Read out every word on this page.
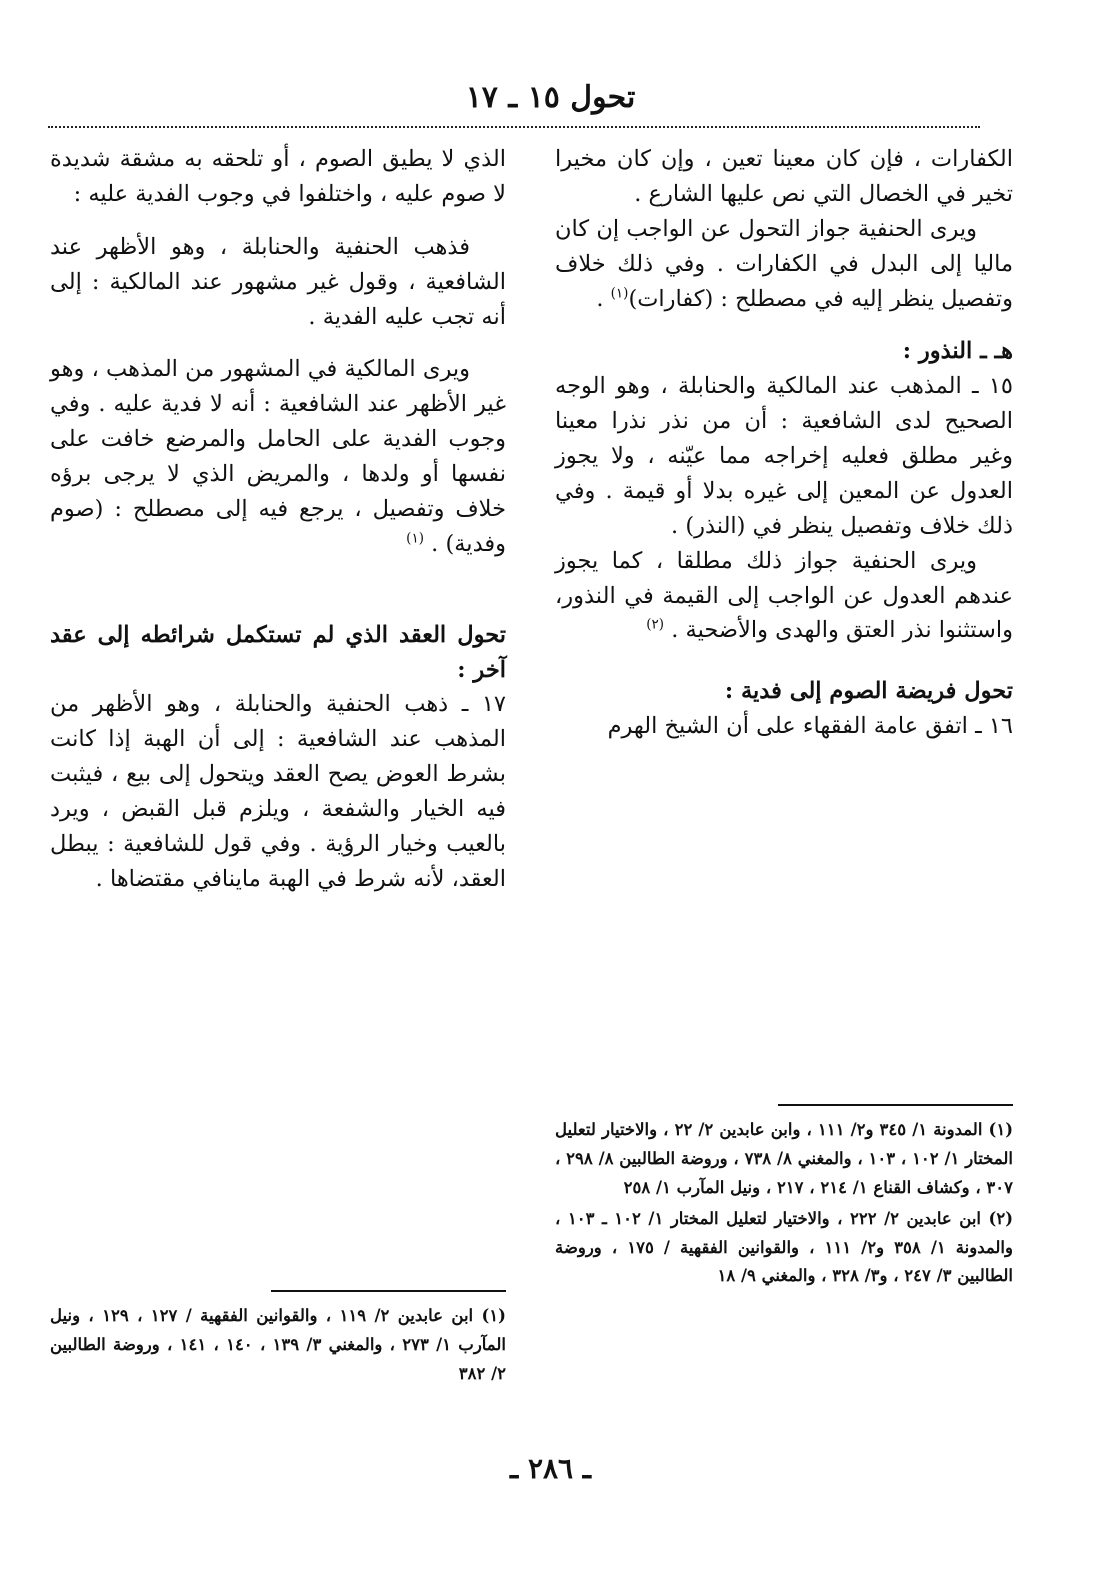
تحول ١٥ ـ ١٧

الكفارات ، فإن كان معينا تعين ، وإن كان مخيرا تخير في الخصال التي نص عليها الشارع .

ويرى الحنفية جواز التحول عن الواجب إن كان ماليا إلى البدل في الكفارات . وفي ذلك خلاف وتفصيل ينظر إليه في مصطلح : (كفارات)$^{(١)}$ .

هـ ـ النذور :

١٥ ـ المذهب عند المالكية والحنابلة ، وهو الوجه الصحيح لدى الشافعية : أن من نذر نذرا معينا وغير مطلق فعليه إخراجه مما عيّنه ، ولا يجوز العدول عن المعين إلى غيره بدلا أو قيمة . وفي ذلك خلاف وتفصيل ينظر في (النذر) .

ويرى الحنفية جواز ذلك مطلقا ، كما يجوز عندهم العدول عن الواجب إلى القيمة في النذور، واستثنوا نذر العتق والهدى والأضحية . $^{(٢)}$

تحول فريضة الصوم إلى فدية :

١٦ ـ اتفق عامة الفقهاء على أن الشيخ الهرم

الذي لا يطيق الصوم ، أو تلحقه به مشقة شديدة لا صوم عليه ، واختلفوا في وجوب الفدية عليه :

فذهب الحنفية والحنابلة ، وهو الأظهر عند الشافعية ، وقول غير مشهور عند المالكية : إلى أنه تجب عليه الفدية .

ويرى المالكية في المشهور من المذهب ، وهو غير الأظهر عند الشافعية : أنه لا فدية عليه . وفي وجوب الفدية على الحامل والمرضع خافت على نفسها أو ولدها ، والمريض الذي لا يرجى برؤه خلاف وتفصيل ، يرجع فيه إلى مصطلح : (صوم وفدية) . $^{(١)}$

تحول العقد الذي لم تستكمل شرائطه إلى عقد آخر :

١٧ ـ ذهب الحنفية والحنابلة ، وهو الأظهر من المذهب عند الشافعية : إلى أن الهبة إذا كانت بشرط العوض يصح العقد ويتحول إلى بيع ، فيثبت فيه الخيار والشفعة ، ويلزم قبل القبض ، ويرد بالعيب وخيار الرؤية . وفي قول للشافعية : يبطل العقد، لأنه شرط في الهبة ماينافي مقتضاها .

(١) المدونة ١/ ٣٤٥ و٢/ ١١١ ، وابن عابدين ٢/ ٢٢ ، والاختيار لتعليل المختار ١/ ١٠٢ ، ١٠٣ ، والمغني ٨/ ٧٣٨ ، وروضة الطالبين ٨/ ٢٩٨ ، ٣٠٧ ، وكشاف القناع ١/ ٢١٤ ، ٢١٧ ، ونيل المآرب ١/ ٢٥٨

(٢) ابن عابدين ٢/ ٢٢٢ ، والاختيار لتعليل المختار ١/ ١٠٢ ـ ١٠٣ ، والمدونة ١/ ٣٥٨ و٢/ ١١١ ، والقوانين الفقهية / ١٧٥ ، وروضة الطالبين ٣/ ٢٤٧ ، و٣/ ٣٢٨ ، والمغني ٩/ ١٨

(١) ابن عابدين ٢/ ١١٩ ، والقوانين الفقهية / ١٢٧ ، ١٢٩ ، ونيل المآرب ١/ ٢٧٣ ، والمغني ٣/ ١٣٩ ، ١٤٠ ، ١٤١ ، وروضة الطالبين ٢/ ٣٨٢

ـ ٢٨٦ ـ
